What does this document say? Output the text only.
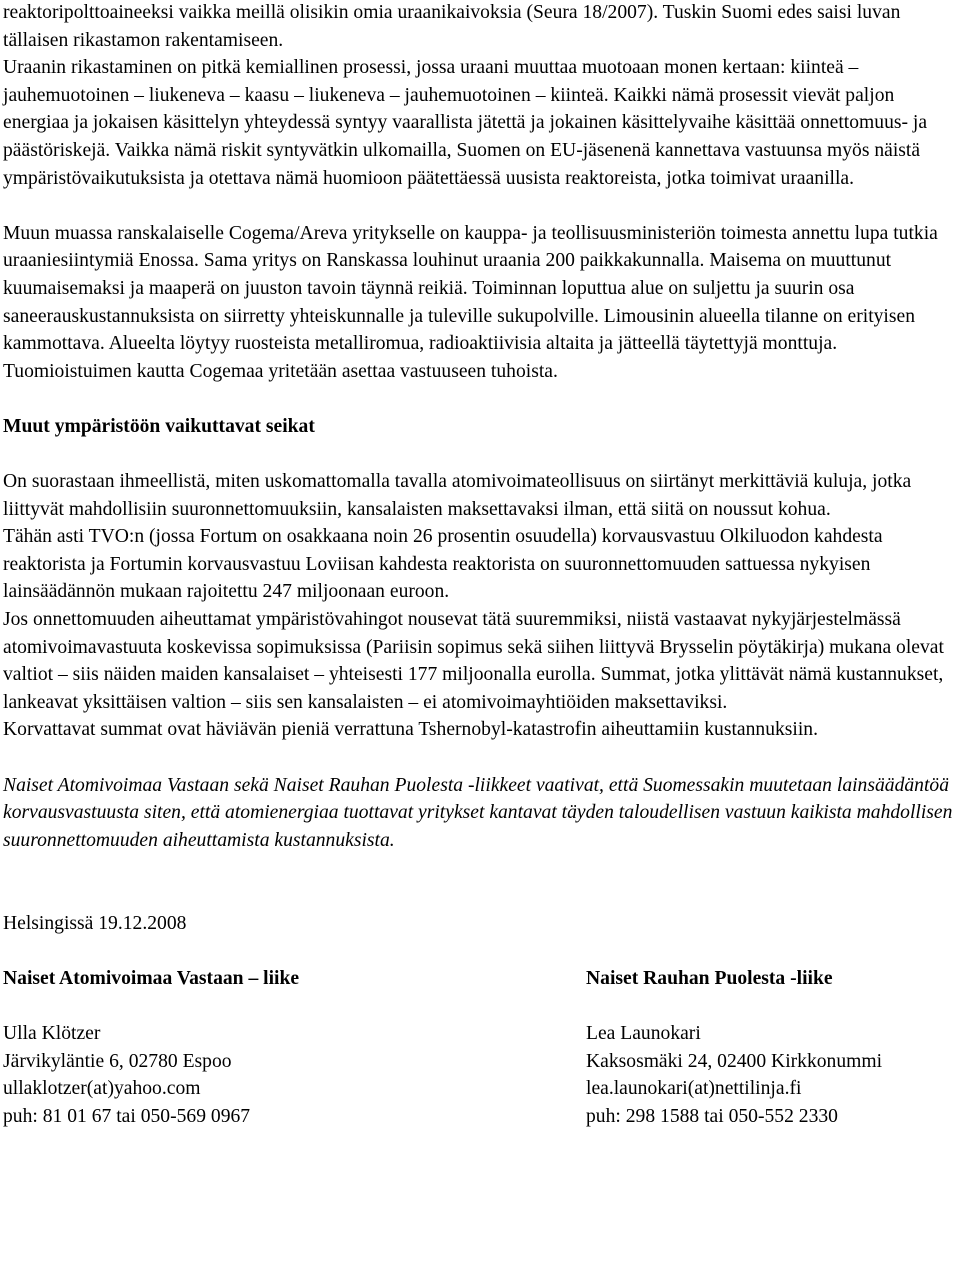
reaktoripolttoaineeksi vaikka meillä olisikin omia uraanikaivoksia (Seura 18/2007). Tuskin Suomi edes saisi luvan tällaisen rikastamon rakentamiseen.

Uraanin rikastaminen on pitkä kemiallinen prosessi, jossa uraani muuttaa muotoaan monen kertaan: kiinteä – jauhemuotoinen – liukeneva – kaasu – liukeneva – jauhemuotoinen – kiinteä. Kaikki nämä prosessit vievät paljon energiaa ja jokaisen käsittelyn yhteydessä syntyy vaarallista jätettä ja jokainen käsittelyvaihe käsittää onnettomuus- ja päästöriskejä. Vaikka nämä riskit syntyvätkin ulkomailla, Suomen on EU-jäsenenä kannettava vastuunsa myös näistä ympäristövaikutuksista ja otettava nämä huomioon päätettäessä uusista reaktoreista, jotka toimivat uraanilla.

Muun muassa ranskalaiselle Cogema/Areva yritykselle on kauppa- ja teollisuusministeriön toimesta annettu lupa tutkia uraaniesiintymiä Enossa. Sama yritys on Ranskassa louhinut uraania 200 paikkakunnalla. Maisema on muuttunut kuumaisemaksi ja maaperä on juuston tavoin täynnä reikiä. Toiminnan loputtua alue on suljettu ja suurin osa saneerauskustannuksista on siirretty yhteiskunnalle ja tuleville sukupolville. Limousinin alueella tilanne on erityisen kammottava. Alueelta löytyy ruosteista metalliromua, radioaktiivisia altaita ja jätteellä täytettyjä monttuja. Tuomioistuimen kautta Cogemaa yritetään asettaa vastuuseen tuhoista.

Muut ympäristöön vaikuttavat seikat

On suorastaan ihmeellistä, miten uskomattomalla tavalla atomivoimateollisuus on siirtänyt merkittäviä kuluja, jotka liittyvät mahdollisiin suuronnettomuuksiin, kansalaisten maksettavaksi ilman, että siitä on noussut kohua.

Tähän asti TVO:n (jossa Fortum on osakkaana noin 26 prosentin osuudella) korvausvastuu Olkiluodon kahdesta reaktorista ja Fortumin korvausvastuu Loviisan kahdesta reaktorista on suuronnettomuuden sattuessa nykyisen lainsäädännön mukaan rajoitettu 247 miljoonaan euroon.

Jos onnettomuuden aiheuttamat ympäristövahingot nousevat tätä suuremmiksi, niistä vastaavat nykyjärjestelmässä atomivoimavastuuta koskevissa sopimuksissa (Pariisin sopimus sekä siihen liittyvä Brysselin pöytäkirja) mukana olevat valtiot – siis näiden maiden kansalaiset – yhteisesti 177 miljoonalla eurolla. Summat, jotka ylittävät nämä kustannukset, lankeavat yksittäisen valtion – siis sen kansalaisten – ei atomivoimayhtiöiden maksettaviksi.

Korvattavat summat ovat häviävän pieniä verrattuna Tshernobyl-katastrofin aiheuttamiin kustannuksiin.

Naiset Atomivoimaa Vastaan sekä Naiset Rauhan Puolesta -liikkeet vaativat, että Suomessakin muutetaan lainsäädäntöä korvausvastuusta siten, että atomienergiaa tuottavat yritykset kantavat täyden taloudellisen vastuun kaikista mahdollisen suuronnettomuuden aiheuttamista kustannuksista.

Helsingissä 19.12.2008

Naiset Atomivoimaa Vastaan – liike	Naiset Rauhan Puolesta -liike
Ulla Klötzer	Lea Launokari
Järvikyläntie 6, 02780 Espoo	Kaksosmäki 24, 02400 Kirkkonummi
ullaklotzer(at)yahoo.com	lea.launokari(at)nettilinja.fi
puh: 81 01 67 tai 050-569 0967	puh: 298 1588 tai 050-552 2330
